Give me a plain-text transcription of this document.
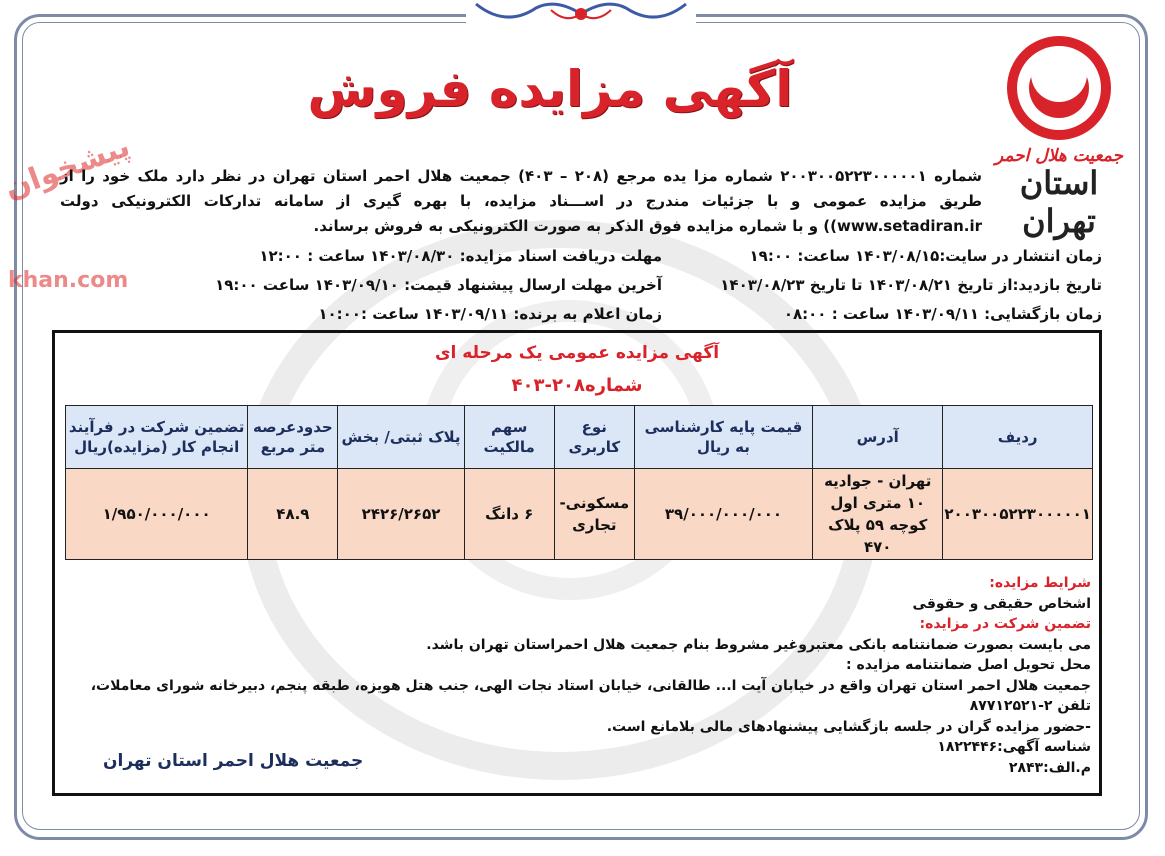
پیشخوان
khan.com
جمعیت هلال احمر
استان تهران
آگهی مزایده فروش
شماره ۲۰۰۳۰۰۵۲۲۳۰۰۰۰۰۱ شماره مزا یده مرجع (۲۰۸ – ۴۰۳) جمعیت هلال احمر استان تهران در نظر دارد ملک خود را از طریق مزایده عمومی و با جزئیات مندرج در اســـناد مزایده، با بهره گیری از سامانه تدارکات الکترونیکی دولت www.setadiran.ir)) و با شماره مزایده فوق الذکر به صورت الکترونیکی به فروش برساند.
زمان انتشار در سایت:۱۴۰۳/۰۸/۱۵ ساعت: ۱۹:۰۰
مهلت دریافت اسناد مزایده: ۱۴۰۳/۰۸/۳۰ ساعت : ۱۲:۰۰
تاریخ بازدید:از تاریخ ۱۴۰۳/۰۸/۲۱ تا تاریخ ۱۴۰۳/۰۸/۲۳
آخرین مهلت ارسال پیشنهاد قیمت: ۱۴۰۳/۰۹/۱۰ ساعت ۱۹:۰۰
زمان بازگشایی: ۱۴۰۳/۰۹/۱۱ ساعت : ۰۸:۰۰
زمان اعلام به برنده: ۱۴۰۳/۰۹/۱۱ ساعت :۱۰:۰۰
آگهی مزایده عمومی یک مرحله ای
شماره۲۰۸-۴۰۳
ردیف	آدرس	قیمت پایه کارشناسی به ریال	نوع کاربری	سهم مالکیت	پلاک ثبتی/ بخش	حدودعرصه متر مربع	تضمین شرکت در فرآیند انجام کار (مزایده)ریال
۲۰۰۳۰۰۵۲۲۳۰۰۰۰۰۱	تهران - جوادیه ۱۰ متری اول کوچه ۵۹ پلاک ۴۷۰	۳۹/۰۰۰/۰۰۰/۰۰۰	مسکونی- تجاری	۶ دانگ	۲۴۲۶/۲۶۵۲	۴۸.۹	۱/۹۵۰/۰۰۰/۰۰۰
شرایط مزایده:
اشخاص حقیقی و حقوقی
تضمین شرکت در مزایده:
می بایست بصورت ضمانتنامه بانکی معتبروغیر مشروط بنام جمعیت هلال احمراستان تهران باشد.
محل تحویل اصل ضمانتنامه مزایده :
جمعیت هلال احمر استان تهران واقع در خیابان آیت ا... طالقانی، خیابان استاد نجات الهی، جنب هتل هویزه، طبقه پنجم، دبیرخانه شورای معاملات، تلفن ۲-۸۷۷۱۲۵۲۱
-حضور مزایده گران در جلسه بازگشایی پیشنهادهای مالی بلامانع است.
شناسه آگهی:۱۸۲۲۴۴۶
م.الف:۲۸۴۳
جمعیت هلال احمر استان تهران
